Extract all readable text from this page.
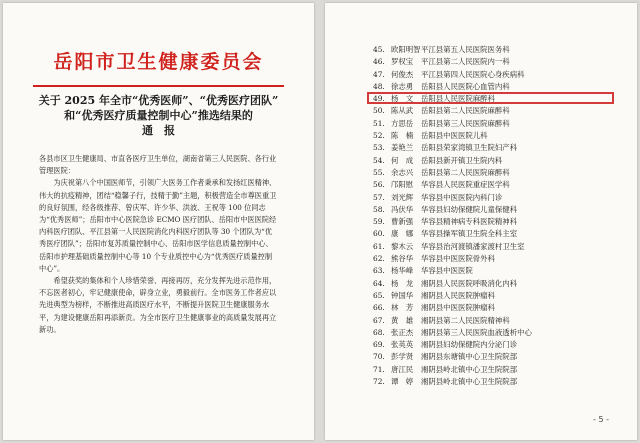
岳阳市卫生健康委员会
关于 2025 年全市“优秀医师”、“优秀医疗团队”
和“优秀医疗质量控制中心”推选结果的
通　报

各县市区卫生健康局、市直各医疗卫生单位，湖南省第三人民医院、各行业管理医院：

为庆祝第八个中国医师节，引领广大医务工作者秉承和发扬红医精神、伟大的抗疫精神，团结“稳馨子行，技精于勤”主题，积极营造全市尊医重卫的良好氛围，经各级推荐、曾庆军、许少华、洪波、王祝等 100 位同志为“优秀医师”；岳阳市中心医院急诊 ECMO 医疗团队、岳阳市中医医院经内科医疗团队、平江县第一人民医院消化内科医疗团队等 30 个团队为“优秀医疗团队”；岳阳市复苏质量控制中心、岳阳市医学信息质量控制中心、岳阳市护理基础质量控制中心等 10 个专业质控中心为“优秀医疗质量控制中心”。

希望获奖的集体和个人珍惜荣誉、再接再厉，充分发挥先进示范作用，不忘医者初心，牢记健康使命，辟身立业，勇毅前行。全市医务工作者应以先进典型为榜样，不断推进高质医疗水平，不断提升医院卫生健康服务水平，为建设健康岳阳再添新贡。为全市医疗卫生健康事业的高质量发展再立新功。

45. 欧阳明智平江县第五人民医院医务科
46. 罗权宝 平江县第二人民医院内一科
47. 何俊杰 平江县第四人民医院心身疾病科
48. 徐志勇 岳阳县人民医院心血管内科
49. 杨　文 岳阳县人民医院麻醉科
50. 陈从武 岳阳县第二人民医院麻醉科
51. 方思岳 岳阳县第三人民医院麻醉科
52. 陈　楠 岳阳县中医医院儿科
53. 姜艳兰 岳阳县荣家湾镇卫生院妇产科
54. 何　成 岳阳县新开镇卫生院内科
55. 余志兴 岳阳县第二人民医院麻醉科
56. 邝阳慰 华容县人民医院重症医学科
57. 刘光辉 华容县中医医院内科门诊
58. 冯伏华 华容县妇幼保健院儿童保健科
59. 曹新强 华容县精神病专科医院精神科
60. 康　娜 华容县操军镇卫生院全科主室
61. 黎木云 华容县治河渡镇潘家渡村卫生室
62. 熊谷华 华容县中医医院骨外科
63. 杨华峰 华容县中医医院
64. 杨　龙 湘阴县人民医院呼吸消化内科
65. 钟国华 湘阴县人民医院肿瘤科
66. 林　芳 湘阴县中医医院肿瘤科
67. 黄　雄 湘阴县第二人民医院精神科
68. 张正杰 湘阴县第三人民医院血液透析中心
69. 张英英 湘阴县妇幼保健院内分泌门诊
70. 彭学贤 湘阴县东塘镇中心卫生院院部
71. 唐江民 湘阴县岭北镇中心卫生院院部
72. 谭　婷 湘阴县岭北镇中心卫生院院部
- 5 -
